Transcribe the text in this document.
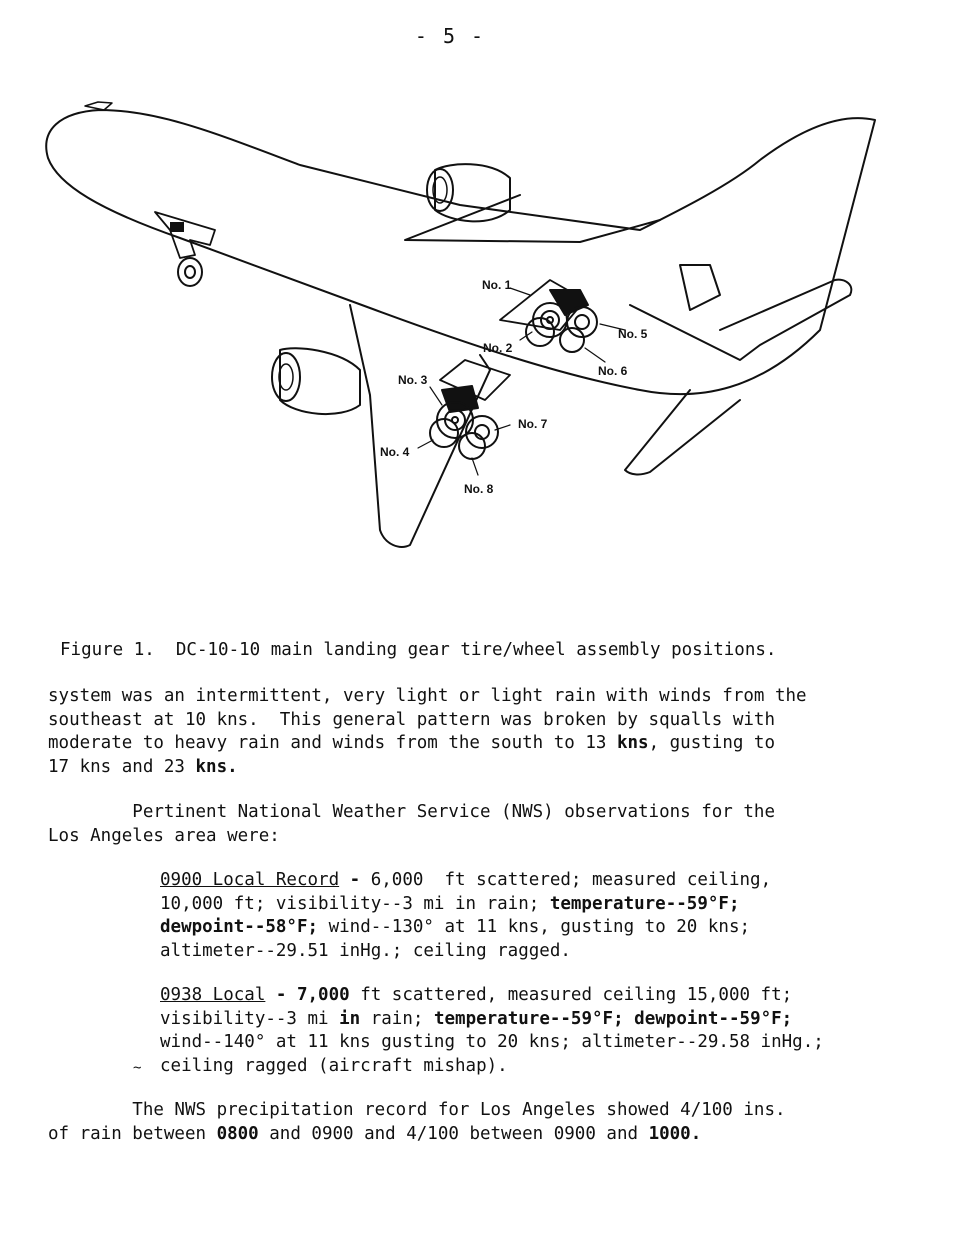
- 5 -
No. 1
No. 2
No. 3
No. 4
No. 5
No. 6
No. 7
No. 8
Figure 1.  DC-10-10 main landing gear tire/wheel assembly positions.
system was an intermittent, very light or light rain with winds from the
southeast at 10 kns.  This general pattern was broken by squalls with
moderate to heavy rain and winds from the south to 13 kns, gusting to
17 kns and 23 kns.
Pertinent National Weather Service (NWS) observations for the
Los Angeles area were:
0900 Local Record - 6,000  ft scattered; measured ceiling,
10,000 ft; visibility--3 mi in rain; temperature--59°F;
dewpoint--58°F; wind--130° at 11 kns, gusting to 20 kns;
altimeter--29.51 inHg.; ceiling ragged.
0938 Local - 7,000 ft scattered, measured ceiling 15,000 ft;
visibility--3 mi in rain; temperature--59°F; dewpoint--59°F;
wind--140° at 11 kns gusting to 20 kns; altimeter--29.58 inHg.;
ceiling ragged (aircraft mishap).
~
The NWS precipitation record for Los Angeles showed 4/100 ins.
of rain between 0800 and 0900 and 4/100 between 0900 and 1000.
